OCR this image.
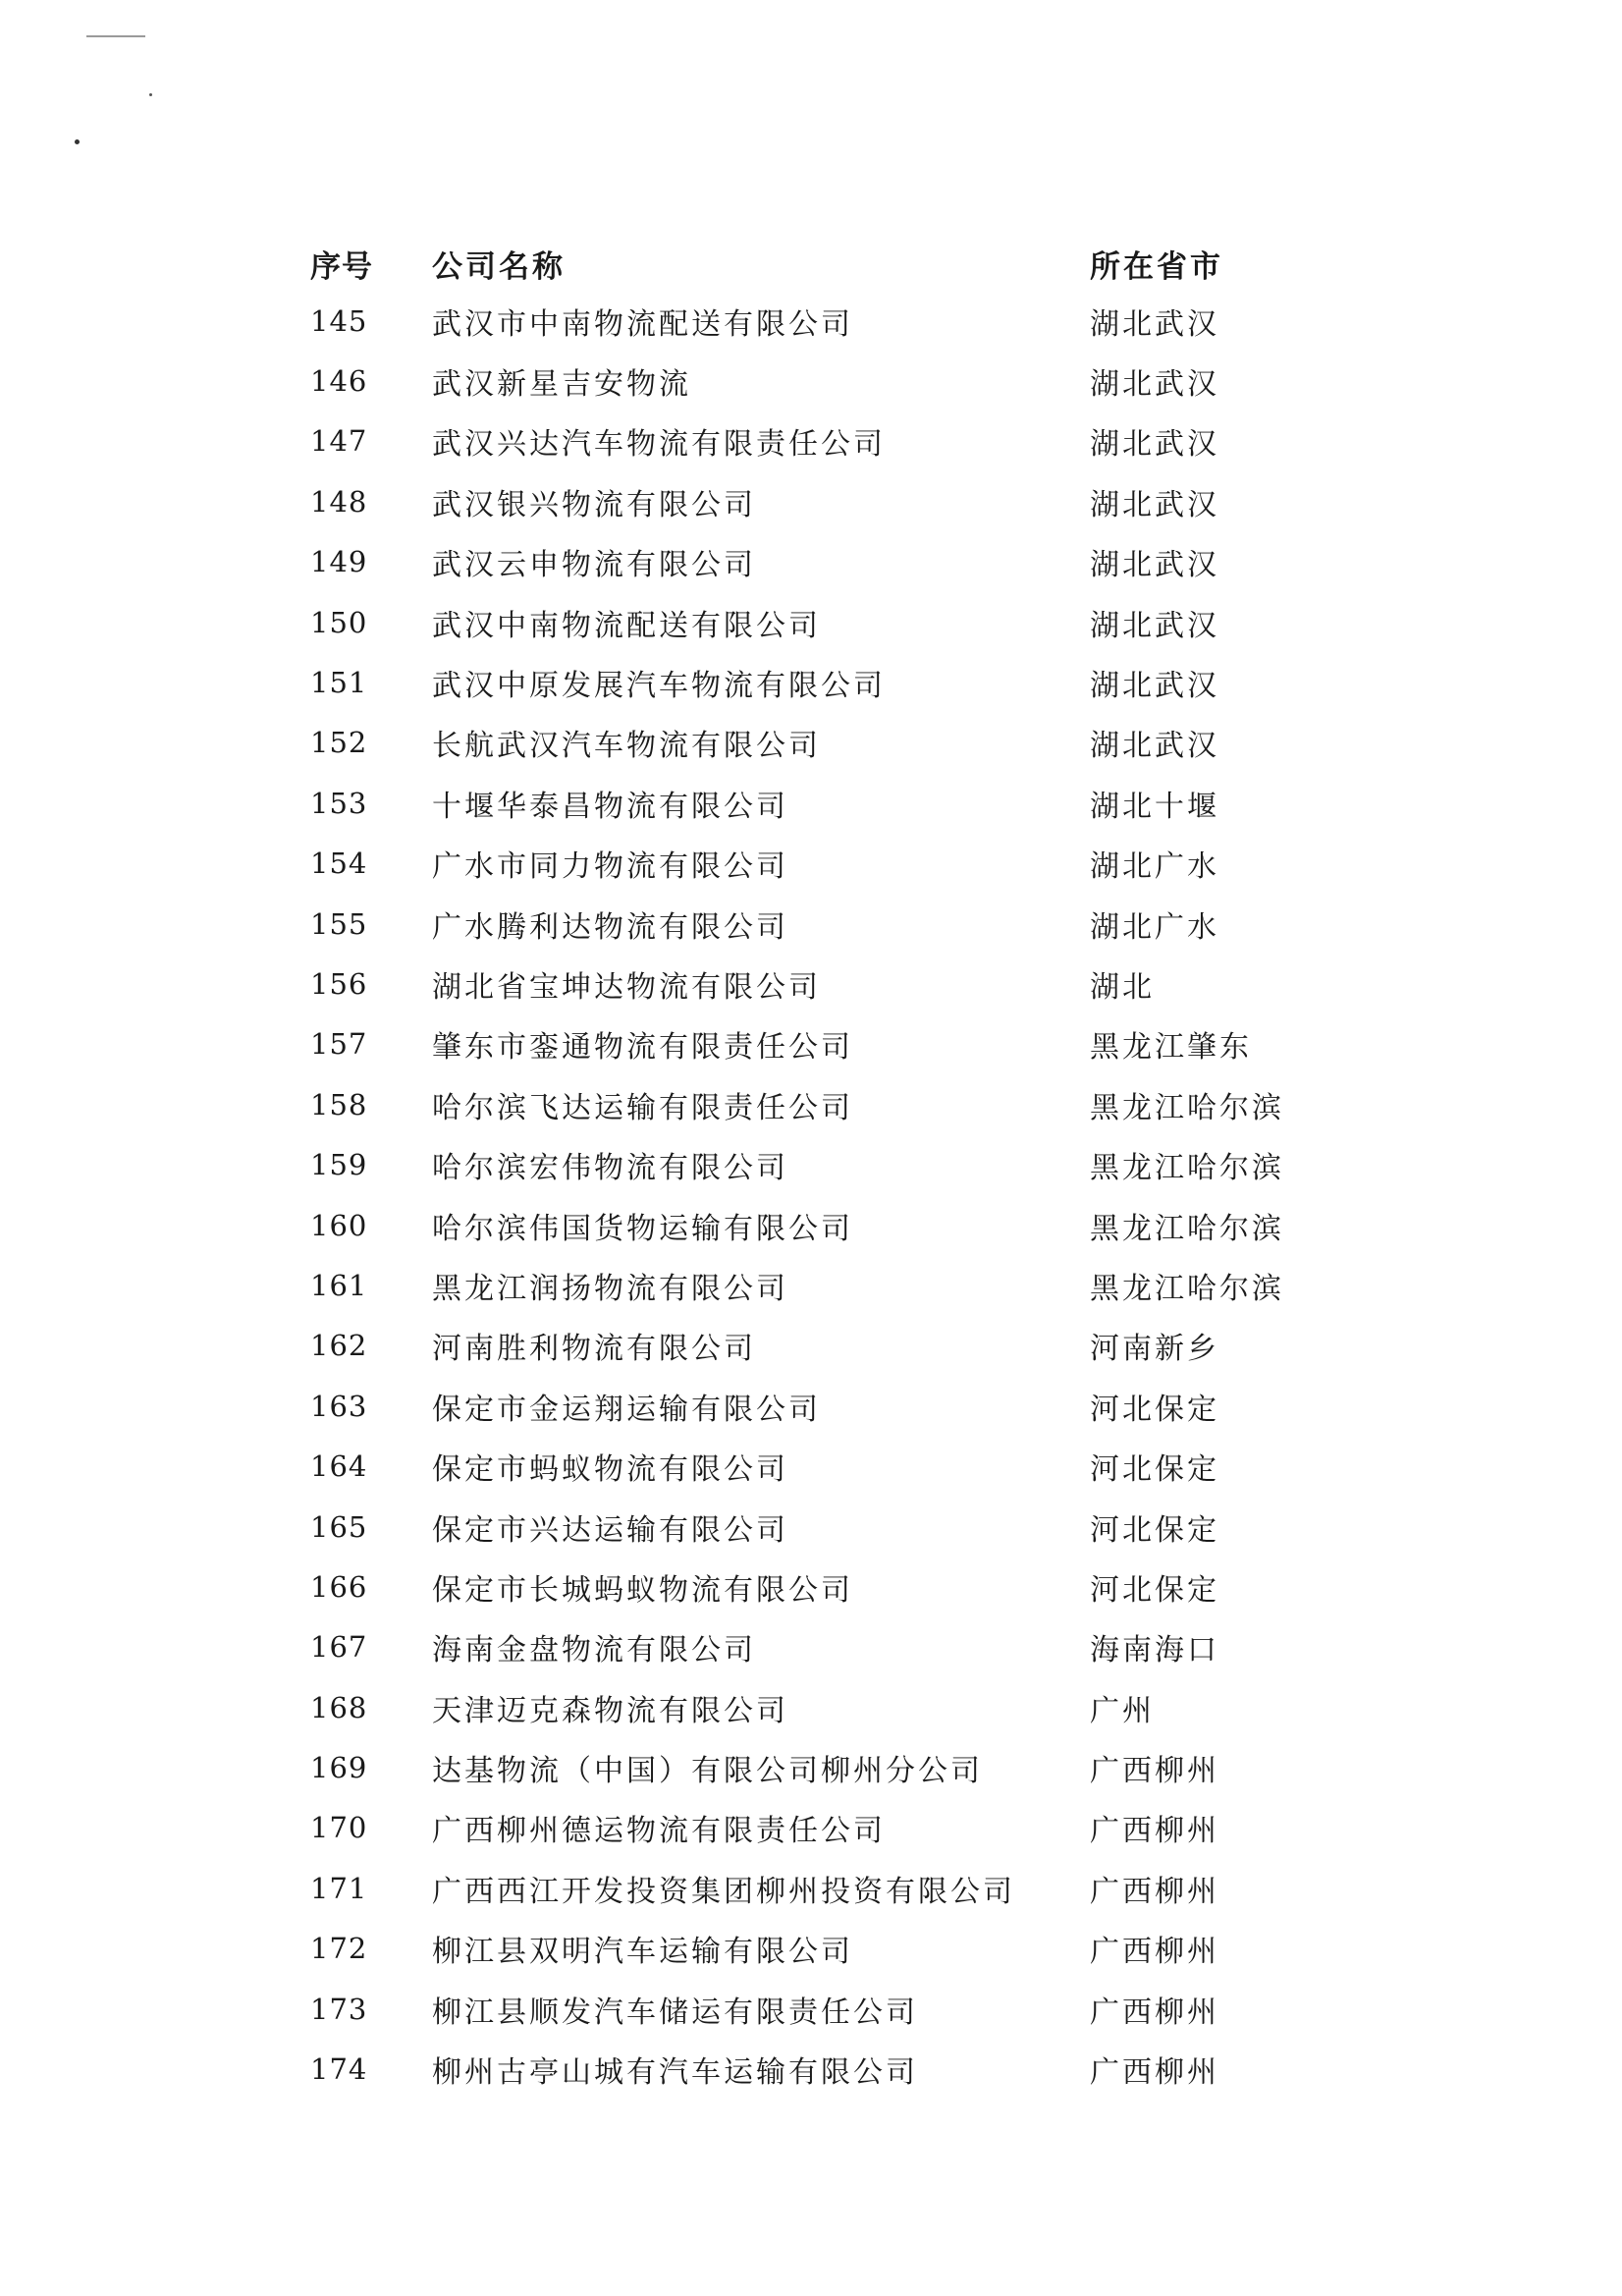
序号	公司名称	所在省市
145	武汉市中南物流配送有限公司	湖北武汉
146	武汉新星吉安物流	湖北武汉
147	武汉兴达汽车物流有限责任公司	湖北武汉
148	武汉银兴物流有限公司	湖北武汉
149	武汉云申物流有限公司	湖北武汉
150	武汉中南物流配送有限公司	湖北武汉
151	武汉中原发展汽车物流有限公司	湖北武汉
152	长航武汉汽车物流有限公司	湖北武汉
153	十堰华泰昌物流有限公司	湖北十堰
154	广水市同力物流有限公司	湖北广水
155	广水腾利达物流有限公司	湖北广水
156	湖北省宝坤达物流有限公司	湖北
157	肇东市銮通物流有限责任公司	黑龙江肇东
158	哈尔滨飞达运输有限责任公司	黑龙江哈尔滨
159	哈尔滨宏伟物流有限公司	黑龙江哈尔滨
160	哈尔滨伟国货物运输有限公司	黑龙江哈尔滨
161	黑龙江润扬物流有限公司	黑龙江哈尔滨
162	河南胜利物流有限公司	河南新乡
163	保定市金运翔运输有限公司	河北保定
164	保定市蚂蚁物流有限公司	河北保定
165	保定市兴达运输有限公司	河北保定
166	保定市长城蚂蚁物流有限公司	河北保定
167	海南金盘物流有限公司	海南海口
168	天津迈克森物流有限公司	广州
169	达基物流（中国）有限公司柳州分公司	广西柳州
170	广西柳州德运物流有限责任公司	广西柳州
171	广西西江开发投资集团柳州投资有限公司	广西柳州
172	柳江县双明汽车运输有限公司	广西柳州
173	柳江县顺发汽车储运有限责任公司	广西柳州
174	柳州古亭山城有汽车运输有限公司	广西柳州
